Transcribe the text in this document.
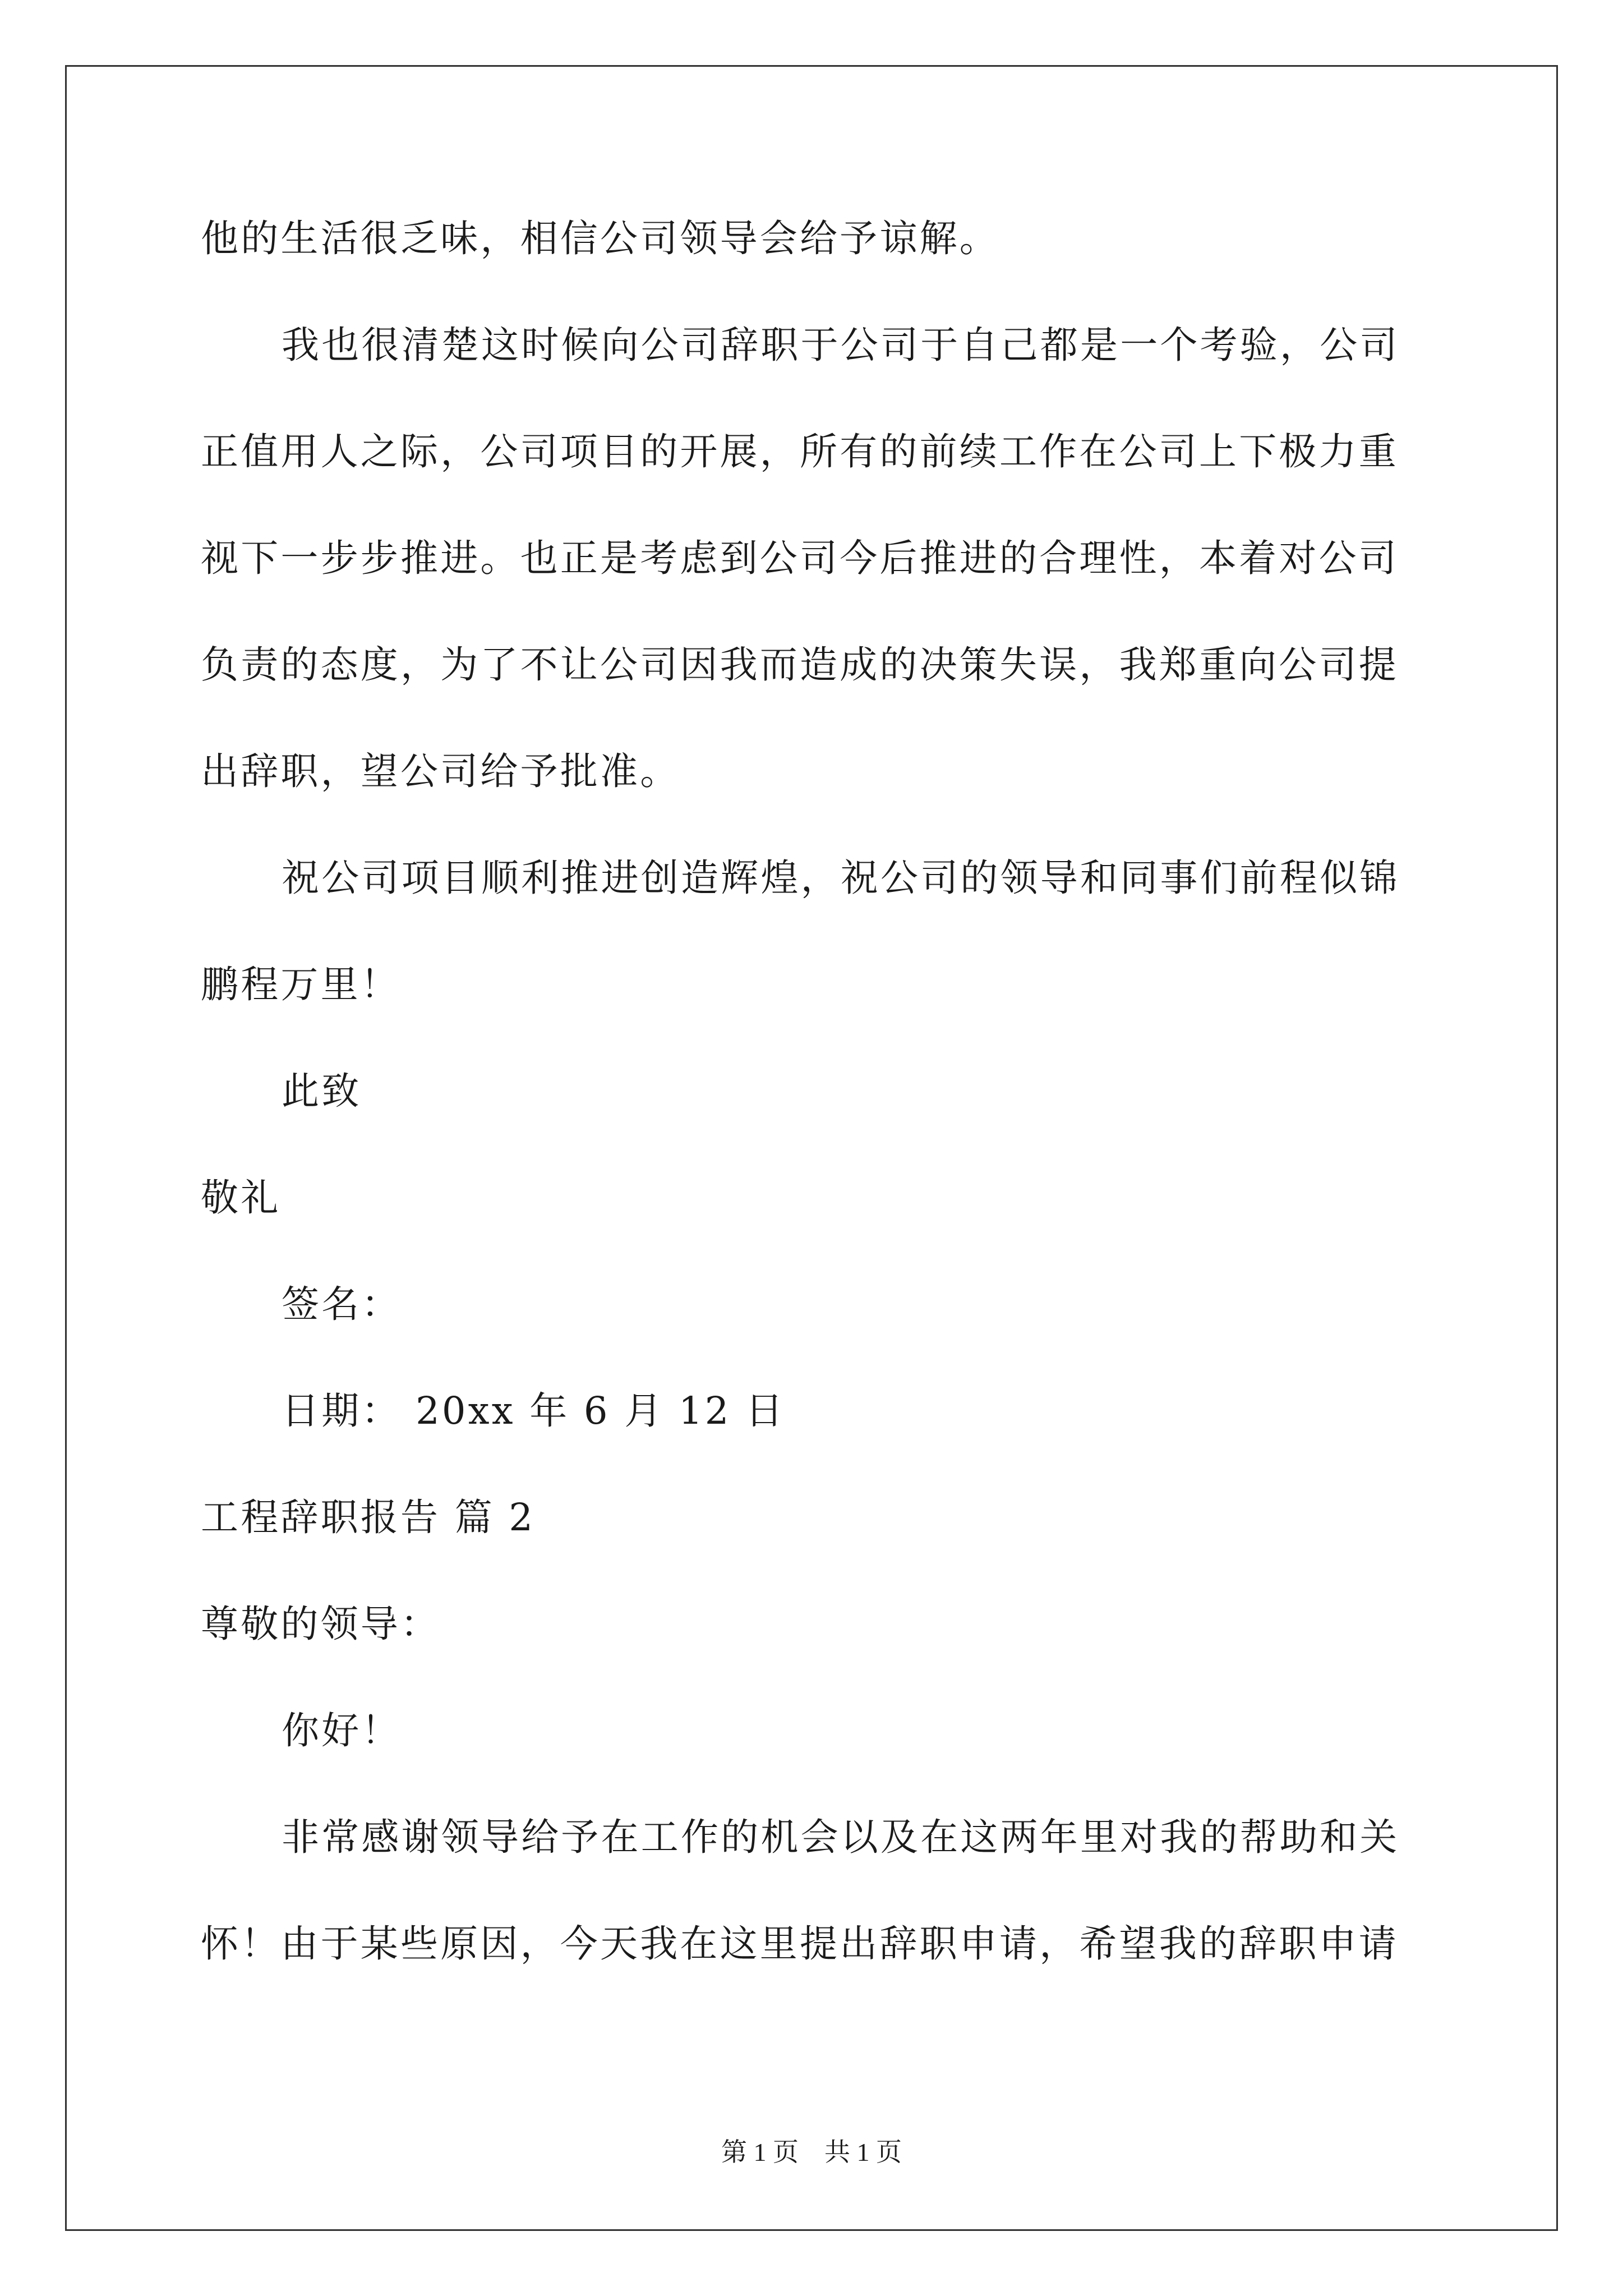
他的生活很乏味，相信公司领导会给予谅解。
我也很清楚这时候向公司辞职于公司于自己都是一个考验，公司
正值用人之际，公司项目的开展，所有的前续工作在公司上下极力重
视下一步步推进。也正是考虑到公司今后推进的合理性，本着对公司
负责的态度，为了不让公司因我而造成的决策失误，我郑重向公司提
出辞职，望公司给予批准。
祝公司项目顺利推进创造辉煌，祝公司的领导和同事们前程似锦
鹏程万里！
此致
敬礼
签名：
日期： 20xx 年 6 月 12 日
工程辞职报告 篇 2
尊敬的领导：
你好！
非常感谢领导给予在工作的机会以及在这两年里对我的帮助和关
怀！由于某些原因，今天我在这里提出辞职申请，希望我的辞职申请
第 1 页　共 1 页
